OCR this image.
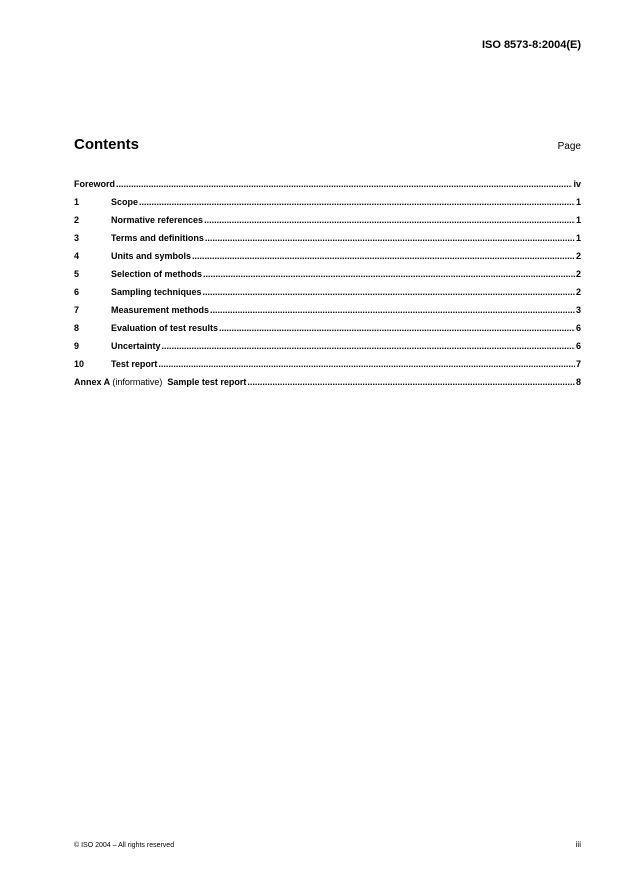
ISO 8573-8:2004(E)
Contents	Page
Foreword .....	iv
1	Scope .....	1
2	Normative references .....	1
3	Terms and definitions .....	1
4	Units and symbols .....	2
5	Selection of methods .....	2
6	Sampling techniques .....	2
7	Measurement methods .....	3
8	Evaluation of test results .....	6
9	Uncertainty .....	6
10	Test report .....	7
Annex A (informative) Sample test report .....	8
© ISO 2004 – All rights reserved	iii
